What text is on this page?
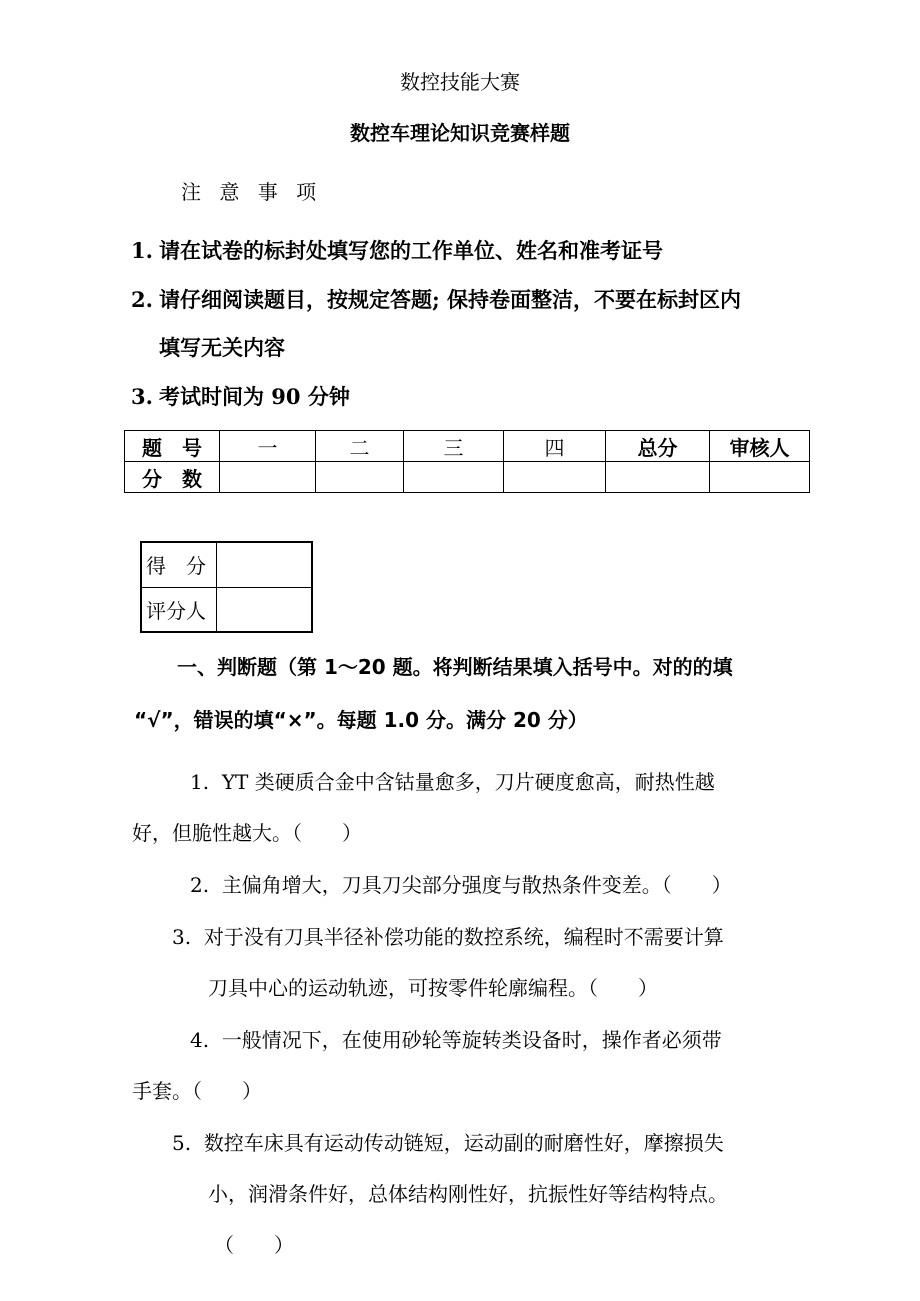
数控技能大赛
数控车理论知识竞赛样题
注 意 事 项
1. 请在试卷的标封处填写您的工作单位、姓名和准考证号
2. 请仔细阅读题目，按规定答题; 保持卷面整洁，不要在标封区内
填写无关内容
3. 考试时间为 90 分钟
题　号	一	二	三	四	总分	审核人
分　数						
得　分	
评分人	
一、判断题（第 1～20 题。将判断结果填入括号中。对的的填
“√”，错误的填“×”。每题 1.0 分。满分 20 分）
1. YT 类硬质合金中含钴量愈多，刀片硬度愈高，耐热性越
好，但脆性越大。（　　）
2. 主偏角增大，刀具刀尖部分强度与散热条件变差。（　　）
3. 对于没有刀具半径补偿功能的数控系统，编程时不需要计算
刀具中心的运动轨迹，可按零件轮廓编程。（　　）
4. 一般情况下，在使用砂轮等旋转类设备时，操作者必须带
手套。（　　）
5. 数控车床具有运动传动链短，运动副的耐磨性好，摩擦损失
小，润滑条件好，总体结构刚性好，抗振性好等结构特点。
（　　）
